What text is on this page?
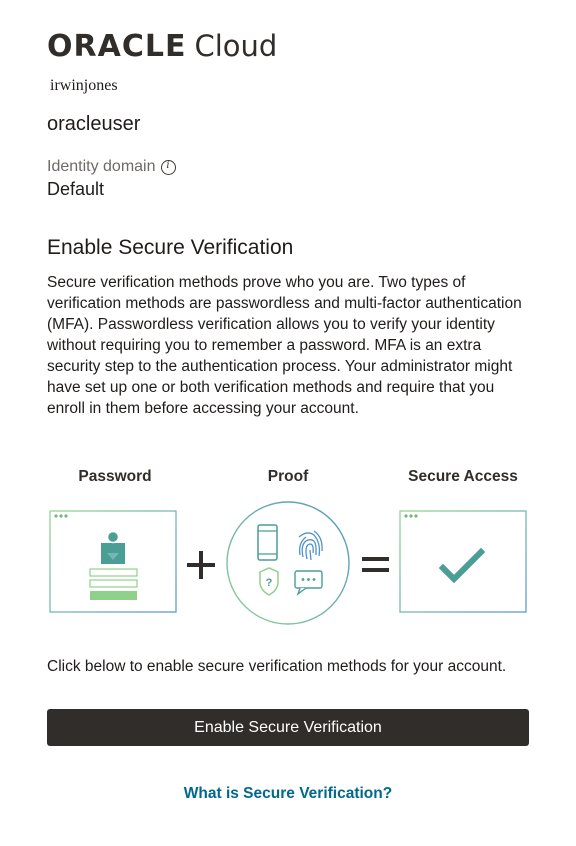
ORACLE Cloud
irwinjones
oracleuser
Identity domain
i
Default
Enable Secure Verification

Secure verification methods prove who you are. Two types of verification methods are passwordless and multi-factor authentication (MFA). Passwordless verification allows you to verify your identity without requiring you to remember a password. MFA is an extra security step to the authentication process. Your administrator might have set up one or both verification methods and require that you enroll in them before accessing your account.

Password	Proof	Secure Access
?
Click below to enable secure verification methods for your account.
Enable Secure Verification
What is Secure Verification?
